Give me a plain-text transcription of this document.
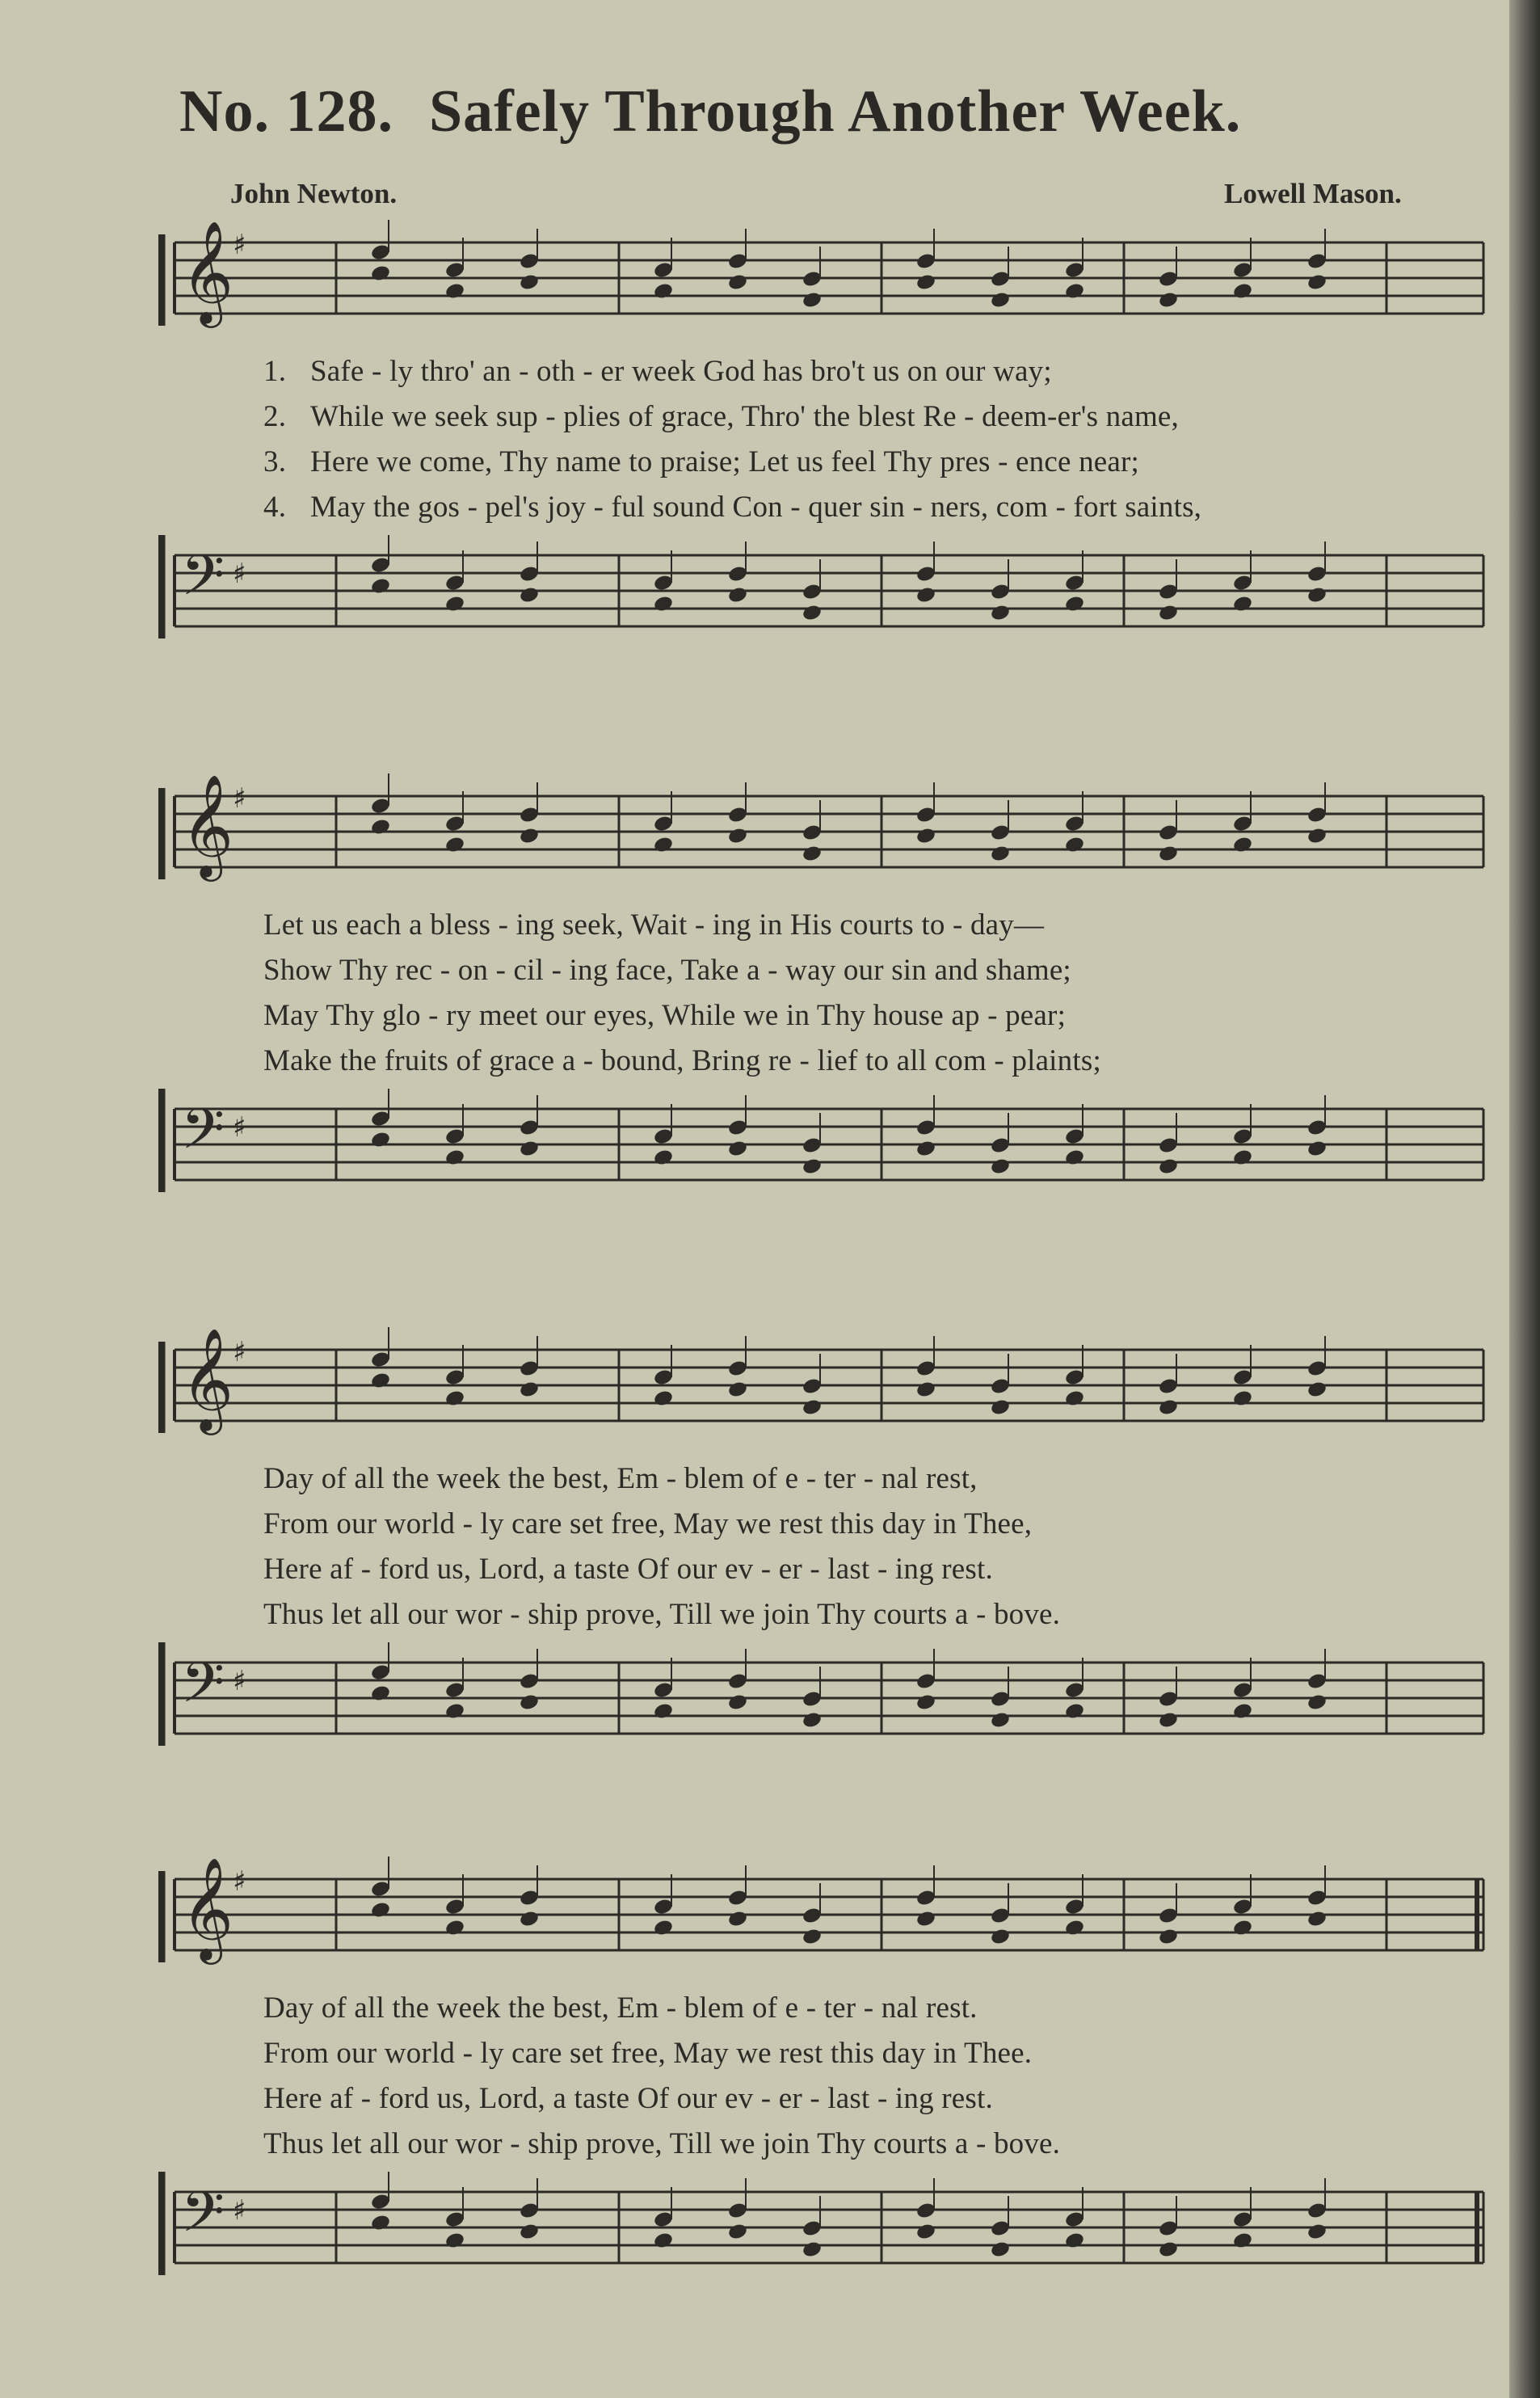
No. 128. Safely Through Another Week.
John Newton.	Lowell Mason.
𝄞
♯
1. Safe - ly thro' an - oth - er week God has bro't us on our way;
2. While we seek sup - plies of grace, Thro' the blest Re - deem-er's name,
3. Here we come, Thy name to praise; Let us feel Thy pres - ence near;
4. May the gos - pel's joy - ful sound Con - quer sin - ners, com - fort saints,
𝄢 ♯
𝄞
♯
Let us each a bless - ing seek, Wait - ing in His courts to - day—
Show Thy rec - on - cil - ing face, Take a - way our sin and shame;
May Thy glo - ry meet our eyes, While we in Thy house ap - pear;
Make the fruits of grace a - bound, Bring re - lief to all com - plaints;
𝄢 ♯
𝄞
♯
Day of all the week the best, Em - blem of e - ter - nal rest,
From our world - ly care set free, May we rest this day in Thee,
Here af - ford us, Lord, a taste Of our ev - er - last - ing rest.
Thus let all our wor - ship prove, Till we join Thy courts a - bove.
𝄢 ♯
𝄞
♯
Day of all the week the best, Em - blem of e - ter - nal rest.
From our world - ly care set free, May we rest this day in Thee.
Here af - ford us, Lord, a taste Of our ev - er - last - ing rest.
Thus let all our wor - ship prove, Till we join Thy courts a - bove.
𝄢 ♯
